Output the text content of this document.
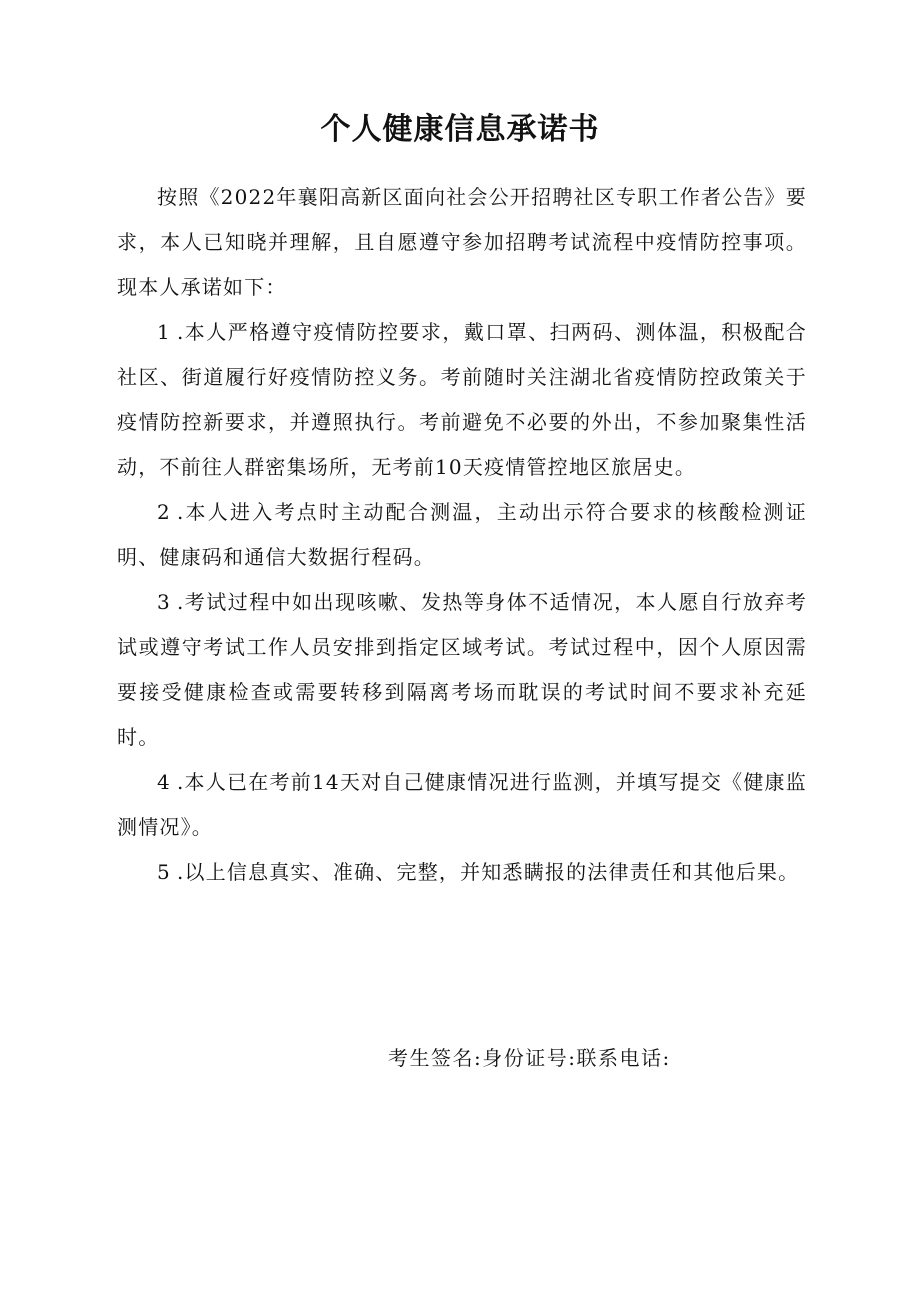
个人健康信息承诺书

按照《2022年襄阳高新区面向社会公开招聘社区专职工作者公告》要求，本人已知晓并理解，且自愿遵守参加招聘考试流程中疫情防控事项。现本人承诺如下：

1 .本人严格遵守疫情防控要求，戴口罩、扫两码、测体温，积极配合社区、街道履行好疫情防控义务。考前随时关注湖北省疫情防控政策关于疫情防控新要求，并遵照执行。考前避免不必要的外出，不参加聚集性活动，不前往人群密集场所，无考前10天疫情管控地区旅居史。

2 .本人进入考点时主动配合测温，主动出示符合要求的核酸检测证明、健康码和通信大数据行程码。

3 .考试过程中如出现咳嗽、发热等身体不适情况，本人愿自行放弃考试或遵守考试工作人员安排到指定区域考试。考试过程中，因个人原因需要接受健康检查或需要转移到隔离考场而耽误的考试时间不要求补充延时。

4 .本人已在考前14天对自己健康情况进行监测，并填写提交《健康监测情况》。

5 .以上信息真实、准确、完整，并知悉瞒报的法律责任和其他后果。

考生签名:身份证号:联系电话:
